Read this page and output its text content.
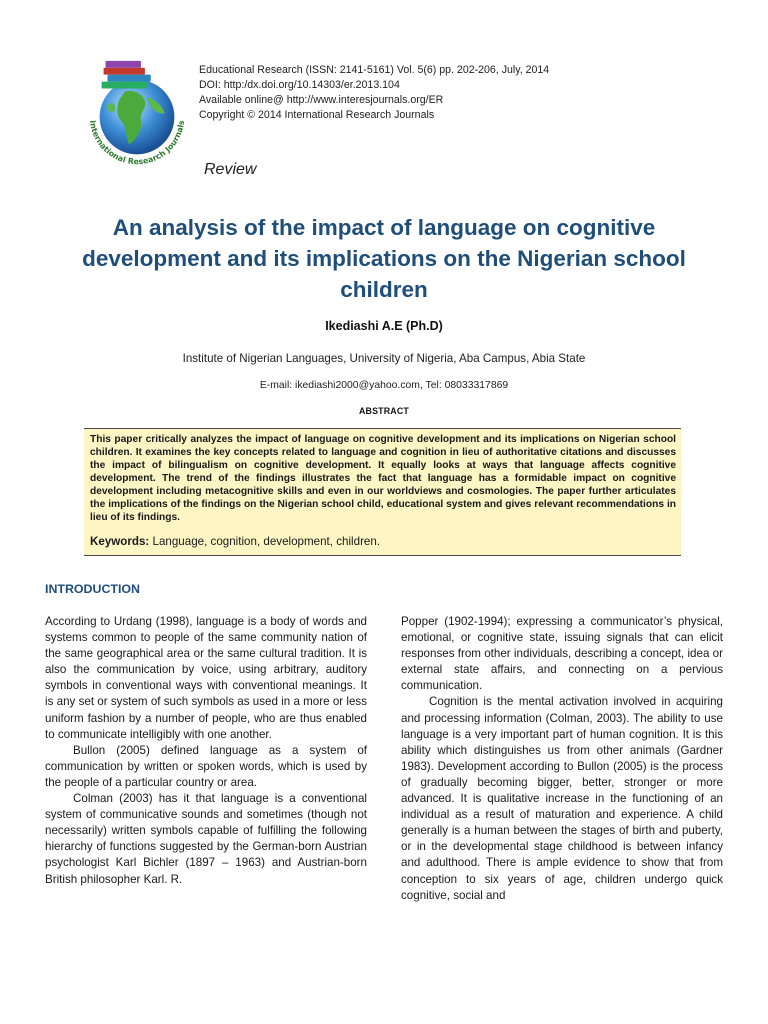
International Research Journals
Educational Research (ISSN: 2141-5161) Vol. 5(6) pp. 202-206, July, 2014
DOI: http:/dx.doi.org/10.14303/er.2013.104
Available online@ http://www.interesjournals.org/ER
Copyright © 2014 International Research Journals
Review
An analysis of the impact of language on cognitive development and its implications on the Nigerian school children
Ikediashi A.E (Ph.D)
Institute of Nigerian Languages, University of Nigeria, Aba Campus, Abia State
E-mail: ikediashi2000@yahoo.com, Tel: 08033317869
ABSTRACT

This paper critically analyzes the impact of language on cognitive development and its implications on Nigerian school children. It examines the key concepts related to language and cognition in lieu of authoritative citations and discusses the impact of bilingualism on cognitive development. It equally looks at ways that language affects cognitive development. The trend of the findings illustrates the fact that language has a formidable impact on cognitive development including metacognitive skills and even in our worldviews and cosmologies. The paper further articulates the implications of the findings on the Nigerian school child, educational system and gives relevant recommendations in lieu of its findings.

Keywords: Language, cognition, development, children.
INTRODUCTION

According to Urdang (1998), language is a body of words and systems common to people of the same community nation of the same geographical area or the same cultural tradition. It is also the communication by voice, using arbitrary, auditory symbols in conventional ways with conventional meanings. It is any set or system of such symbols as used in a more or less uniform fashion by a number of people, who are thus enabled to communicate intelligibly with one another.

Bullon (2005) defined language as a system of communication by written or spoken words, which is used by the people of a particular country or area.

Colman (2003) has it that language is a conventional system of communicative sounds and sometimes (though not necessarily) written symbols capable of fulfilling the following hierarchy of functions suggested by the German-born Austrian psychologist Karl Bichler (1897 – 1963) and Austrian-born British philosopher Karl. R.

Popper (1902-1994); expressing a communicator’s physical, emotional, or cognitive state, issuing signals that can elicit responses from other individuals, describing a concept, idea or external state affairs, and connecting on a pervious communication.

Cognition is the mental activation involved in acquiring and processing information (Colman, 2003). The ability to use language is a very important part of human cognition. It is this ability which distinguishes us from other animals (Gardner 1983). Development according to Bullon (2005) is the process of gradually becoming bigger, better, stronger or more advanced. It is qualitative increase in the functioning of an individual as a result of maturation and experience. A child generally is a human between the stages of birth and puberty, or in the developmental stage childhood is between infancy and adulthood. There is ample evidence to show that from conception to six years of age, children undergo quick cognitive, social and
